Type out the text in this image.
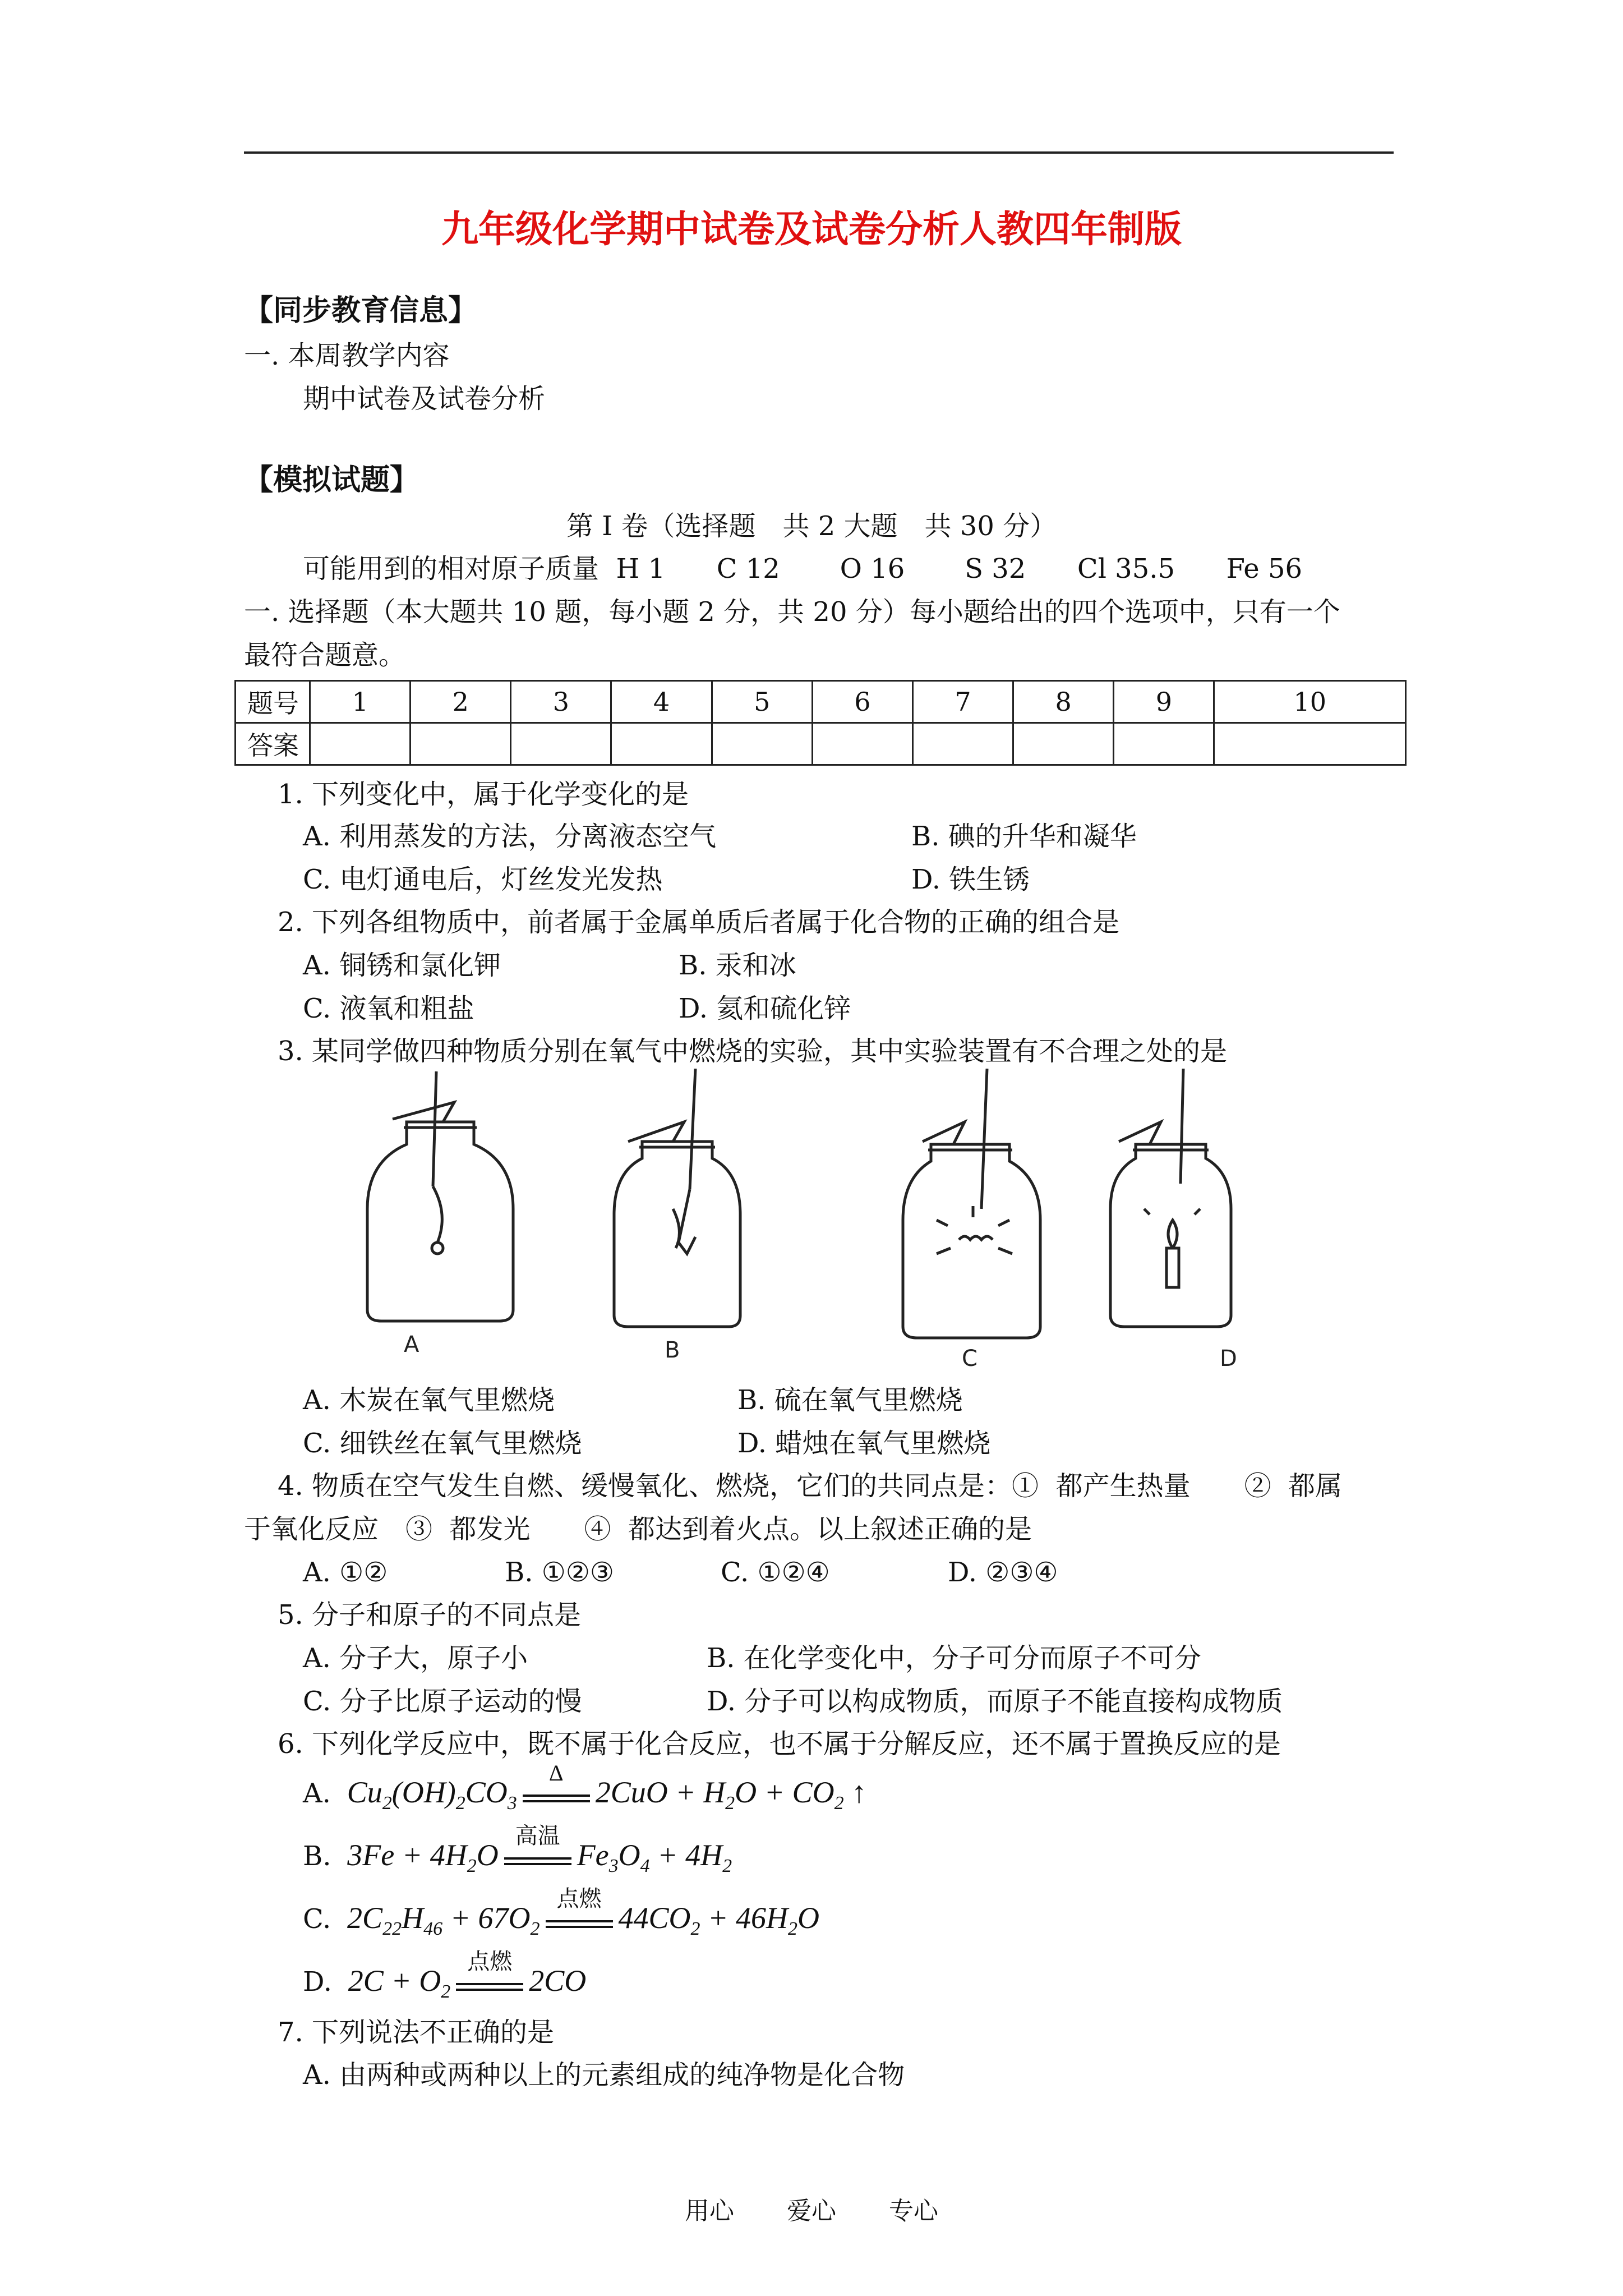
九年级化学期中试卷及试卷分析人教四年制版
【同步教育信息】
一. 本周教学内容
期中试卷及试卷分析
【模拟试题】
第 I 卷（选择题　共 2 大题　共 30 分）
可能用到的相对原子质量  H 1      C 12       O 16       S 32      Cl 35.5      Fe 56
一. 选择题（本大题共 10 题，每小题 2 分，共 20 分）每小题给出的四个选项中，只有一个
最符合题意。
题号	1	2	3	4	5	6	7	8	9	10
答案										
1. 下列变化中，属于化学变化的是
A. 利用蒸发的方法，分离液态空气	B. 碘的升华和凝华
C. 电灯通电后，灯丝发光发热	D. 铁生锈
2. 下列各组物质中，前者属于金属单质后者属于化合物的正确的组合是
A. 铜锈和氯化钾	B. 汞和冰
C. 液氧和粗盐	D. 氦和硫化锌
3. 某同学做四种物质分别在氧气中燃烧的实验，其中实验装置有不合理之处的是
A	B	C	D
A. 木炭在氧气里燃烧	B. 硫在氧气里燃烧
C. 细铁丝在氧气里燃烧	D. 蜡烛在氧气里燃烧
4. 物质在空气发生自燃、缓慢氧化、燃烧，它们的共同点是：①  都产生热量　　②  都属
于氧化反应　③  都发光　　④  都达到着火点。以上叙述正确的是
A. ①②	B. ①②③	C. ①②④	D. ②③④
5. 分子和原子的不同点是
A. 分子大，原子小	B. 在化学变化中，分子可分而原子不可分
C. 分子比原子运动的慢	D. 分子可以构成物质，而原子不能直接构成物质
6. 下列化学反应中，既不属于化合反应，也不属于分解反应，还不属于置换反应的是
A.  $Cu_2(OH)_2CO_3$
Δ
$2CuO + H_2O + CO_2$ ↑
B.  $3Fe + 4H_2O$
高温
$Fe_3O_4 + 4H_2$
C.  $2C_{22}H_{46} + 67O_2$
点燃
$44CO_2 + 46H_2O$
D.  $2C + O_2$
点燃
2CO
7. 下列说法不正确的是
A. 由两种或两种以上的元素组成的纯净物是化合物
用心 爱心 专心
